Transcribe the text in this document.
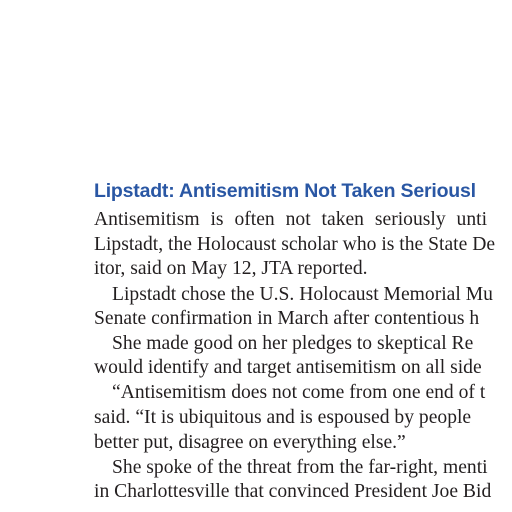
Lipstadt: Antisemitism Not Taken Seriousl

Antisemitism is often not taken seriously unti

Lipstadt, the Holocaust scholar who is the State De

itor, said on May 12, JTA reported.

Lipstadt chose the U.S. Holocaust Memorial Mu

Senate confirmation in March after contentious h

She made good on her pledges to skeptical Re

would identify and target antisemitism on all side

“Antisemitism does not come from one end of t

said. “It is ubiquitous and is espoused by people

better put, disagree on everything else.”

She spoke of the threat from the far-right, menti

in Charlottesville that convinced President Joe Bid
